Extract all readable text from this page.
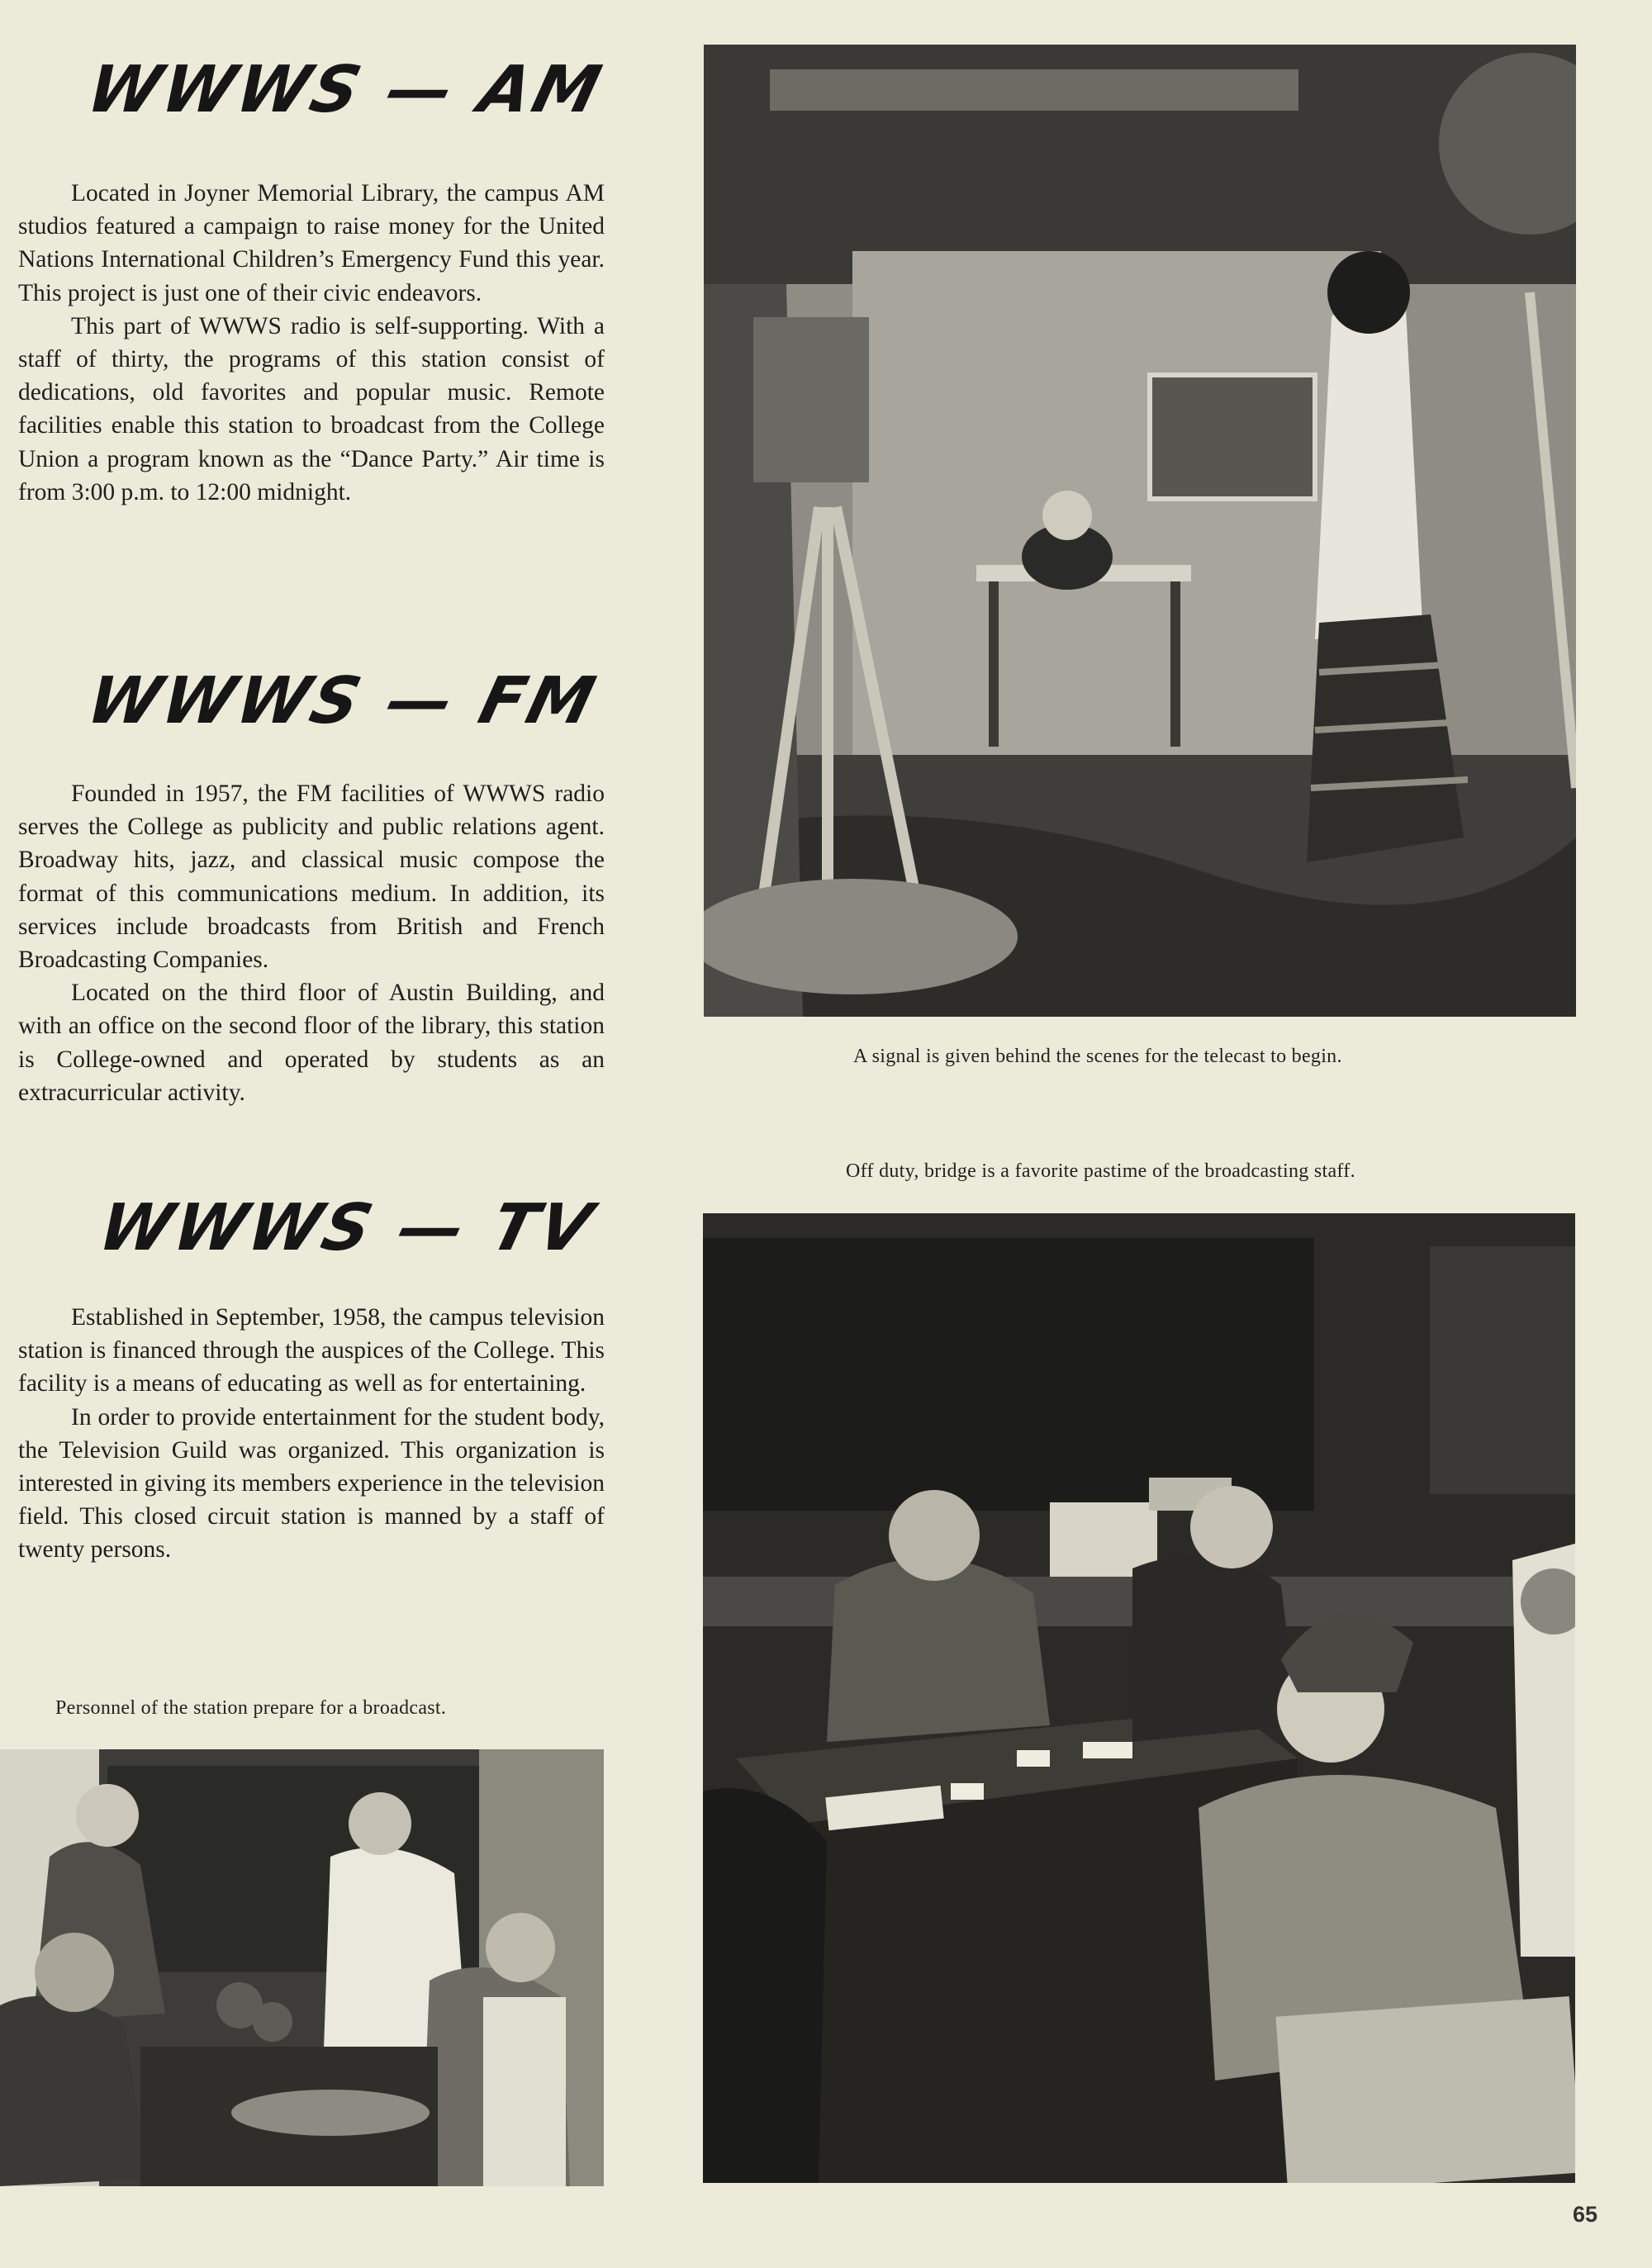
WWWS — AM

Located in Joyner Memorial Library, the campus AM studios featured a campaign to raise money for the United Nations International Children’s Emergency Fund this year. This project is just one of their civic endeavors.

This part of WWWS radio is self-supporting. With a staff of thirty, the programs of this station consist of dedications, old favorites and popular music. Remote facilities enable this station to broadcast from the College Union a program known as the “Dance Party.” Air time is from 3:00 p.m. to 12:00 midnight.

WWWS — FM

Founded in 1957, the FM facilities of WWWS radio serves the College as publicity and public relations agent. Broadway hits, jazz, and classical music compose the format of this communications medium. In addition, its services include broadcasts from British and French Broadcasting Companies.

Located on the third floor of Austin Building, and with an office on the second floor of the library, this station is College-owned and operated by students as an extracurricular activity.

WWWS — TV

Established in September, 1958, the campus television station is financed through the auspices of the College. This facility is a means of educating as well as for entertaining.

In order to provide entertainment for the student body, the Television Guild was organized. This organization is interested in giving its members experience in the television field. This closed circuit station is manned by a staff of twenty persons.

A signal is given behind the scenes for the telecast to begin.
Off duty, bridge is a favorite pastime of the broadcasting staff.
Personnel of the station prepare for a broadcast.
65
